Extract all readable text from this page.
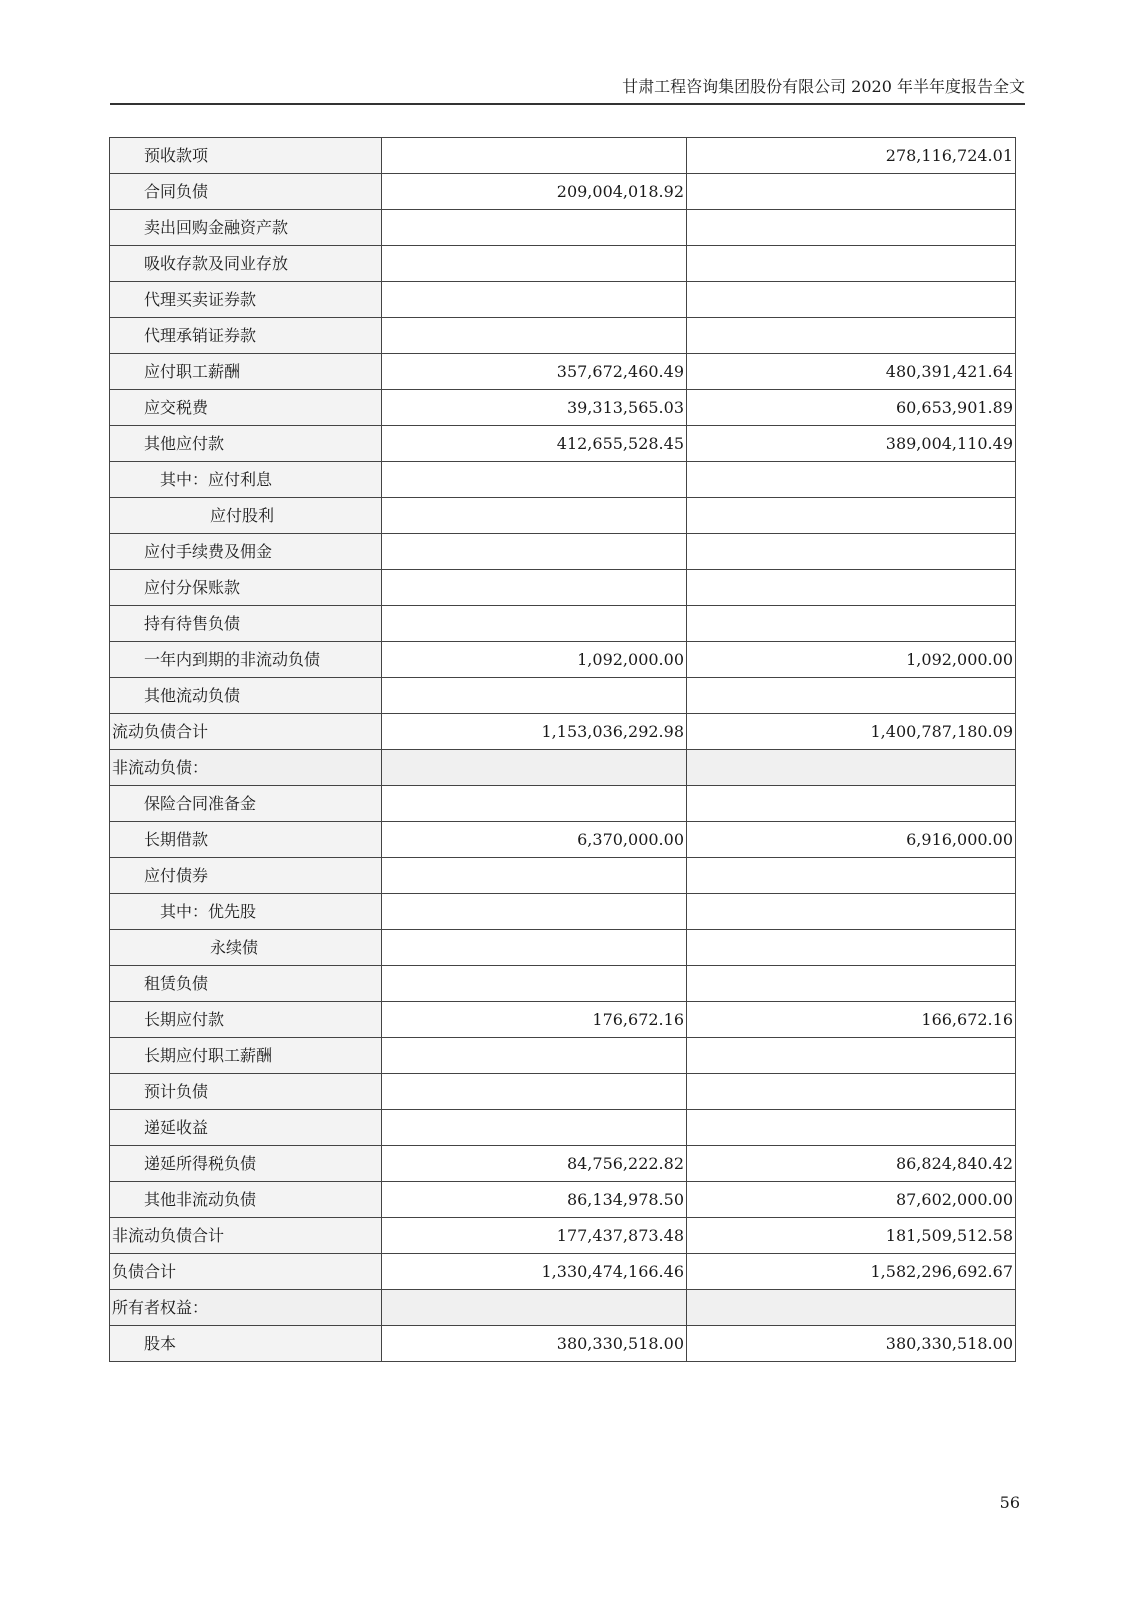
甘肃工程咨询集团股份有限公司 2020 年半年度报告全文
预收款项		278,116,724.01
合同负债	209,004,018.92	
卖出回购金融资产款		
吸收存款及同业存放		
代理买卖证券款		
代理承销证券款		
应付职工薪酬	357,672,460.49	480,391,421.64
应交税费	39,313,565.03	60,653,901.89
其他应付款	412,655,528.45	389,004,110.49
其中：应付利息		
应付股利		
应付手续费及佣金		
应付分保账款		
持有待售负债		
一年内到期的非流动负债	1,092,000.00	1,092,000.00
其他流动负债		
流动负债合计	1,153,036,292.98	1,400,787,180.09
非流动负债：		
保险合同准备金		
长期借款	6,370,000.00	6,916,000.00
应付债券		
其中：优先股		
永续债		
租赁负债		
长期应付款	176,672.16	166,672.16
长期应付职工薪酬		
预计负债		
递延收益		
递延所得税负债	84,756,222.82	86,824,840.42
其他非流动负债	86,134,978.50	87,602,000.00
非流动负债合计	177,437,873.48	181,509,512.58
负债合计	1,330,474,166.46	1,582,296,692.67
所有者权益：		
股本	380,330,518.00	380,330,518.00
56
